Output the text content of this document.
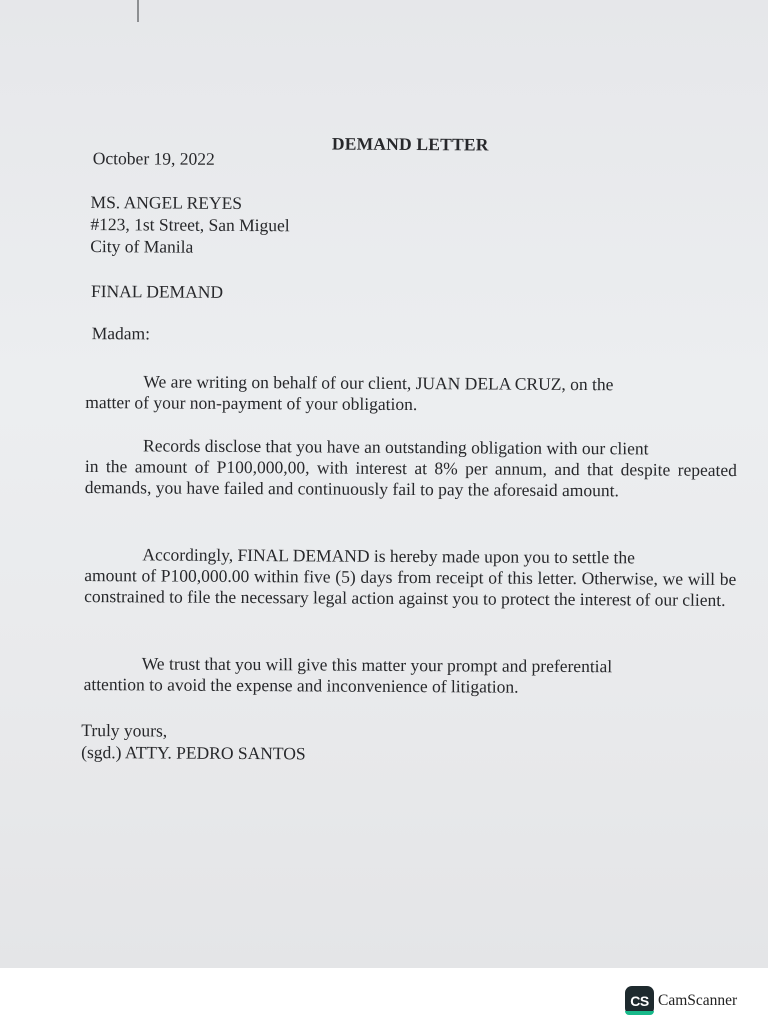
DEMAND LETTER
October 19, 2022
MS. ANGEL REYES
#123, 1st Street, San Miguel
City of Manila
FINAL DEMAND
Madam:
We are writing on behalf of our client, JUAN DELA CRUZ, on the
matter of your non-payment of your obligation.
Records disclose that you have an outstanding obligation with our client
in the amount of P100,000,00, with interest at 8% per annum, and that despite repeated demands, you have failed and continuously fail to pay the aforesaid amount.
Accordingly, FINAL DEMAND is hereby made upon you to settle the
amount of P100,000.00 within five (5) days from receipt of this letter. Otherwise, we will be constrained to file the necessary legal action against you to protect the interest of our client.
We trust that you will give this matter your prompt and preferential
attention to avoid the expense and inconvenience of litigation.
Truly yours,
(sgd.) ATTY. PEDRO SANTOS
CS CamScanner
